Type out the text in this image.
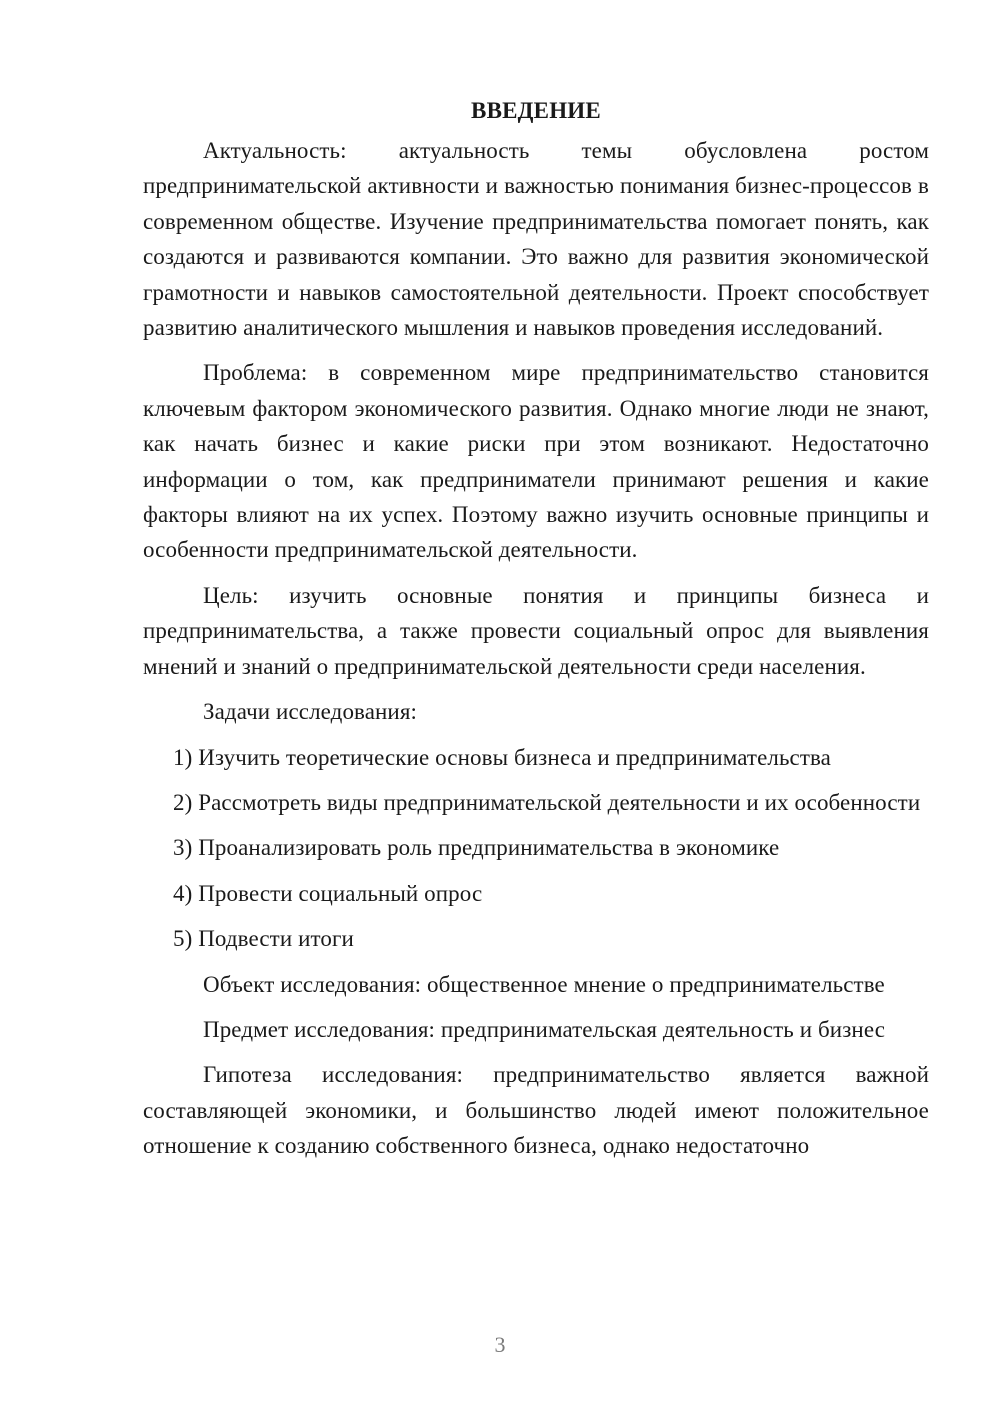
ВВЕДЕНИЕ

Актуальность: актуальность темы обусловлена ростом предпринимательской активности и важностью понимания бизнес-процессов в современном обществе. Изучение предпринимательства помогает понять, как создаются и развиваются компании. Это важно для развития экономической грамотности и навыков самостоятельной деятельности. Проект способствует развитию аналитического мышления и навыков проведения исследований.

Проблема: в современном мире предпринимательство становится ключевым фактором экономического развития. Однако многие люди не знают, как начать бизнес и какие риски при этом возникают. Недостаточно информации о том, как предприниматели принимают решения и какие факторы влияют на их успех. Поэтому важно изучить основные принципы и особенности предпринимательской деятельности.

Цель: изучить основные понятия и принципы бизнеса и предпринимательства, а также провести социальный опрос для выявления мнений и знаний о предпринимательской деятельности среди населения.

Задачи исследования:

1) Изучить теоретические основы бизнеса и предпринимательства

2) Рассмотреть виды предпринимательской деятельности и их особенности

3) Проанализировать роль предпринимательства в экономике

4) Провести социальный опрос

5) Подвести итоги

Объект исследования: общественное мнение о предпринимательстве

Предмет исследования: предпринимательская деятельность и бизнес

Гипотеза исследования: предпринимательство является важной составляющей экономики, и большинство людей имеют положительное отношение к созданию собственного бизнеса, однако недостаточно

3
